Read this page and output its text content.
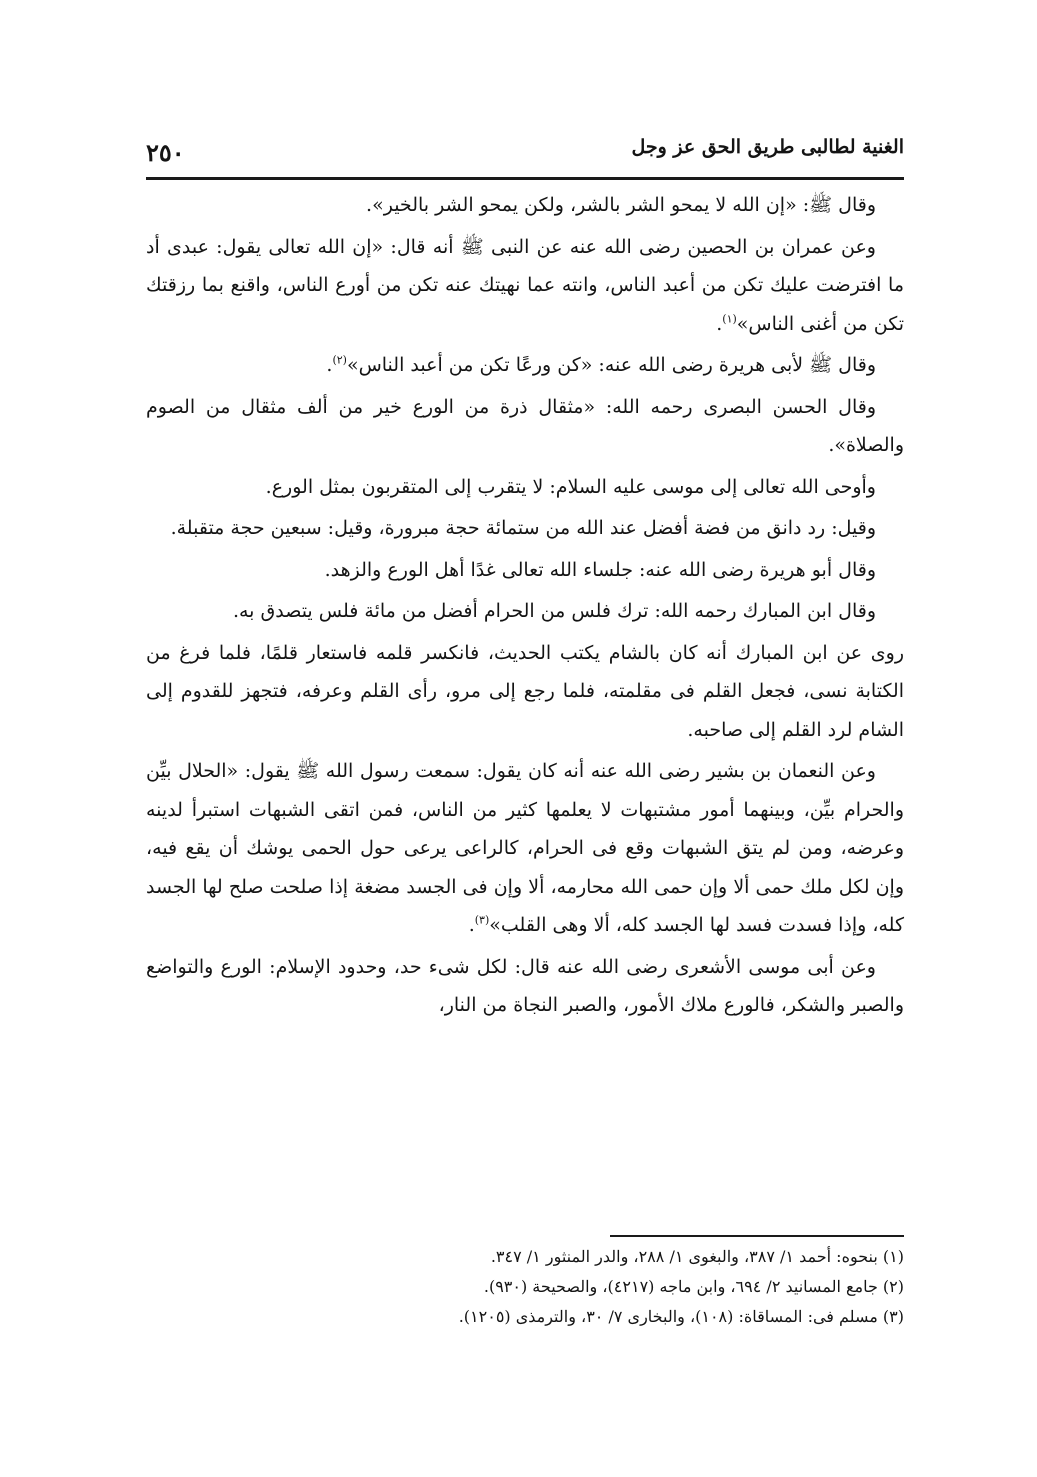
الغنية لطالبى طريق الحق عز وجل
٢٥٠

وقال ﷺ: «إن الله لا يمحو الشر بالشر، ولكن يمحو الشر بالخير».

وعن عمران بن الحصين رضى الله عنه عن النبى ﷺ أنه قال: «إن الله تعالى يقول: عبدى أد ما افترضت عليك تكن من أعبد الناس، وانته عما نهيتك عنه تكن من أورع الناس، واقنع بما رزقتك تكن من أغنى الناس»$^{(١)}$.

وقال ﷺ لأبى هريرة رضى الله عنه: «كن ورعًا تكن من أعبد الناس»$^{(٢)}$.

وقال الحسن البصرى رحمه الله: «مثقال ذرة من الورع خير من ألف مثقال من الصوم والصلاة».

وأوحى الله تعالى إلى موسى عليه السلام: لا يتقرب إلى المتقربون بمثل الورع.

وقيل: رد دانق من فضة أفضل عند الله من ستمائة حجة مبرورة، وقيل: سبعين حجة متقبلة.

وقال أبو هريرة رضى الله عنه: جلساء الله تعالى غدًا أهل الورع والزهد.

وقال ابن المبارك رحمه الله: ترك فلس من الحرام أفضل من مائة فلس يتصدق به.

روى عن ابن المبارك أنه كان بالشام يكتب الحديث، فانكسر قلمه فاستعار قلمًا، فلما فرغ من الكتابة نسى، فجعل القلم فى مقلمته، فلما رجع إلى مرو، رأى القلم وعرفه، فتجهز للقدوم إلى الشام لرد القلم إلى صاحبه.

وعن النعمان بن بشير رضى الله عنه أنه كان يقول: سمعت رسول الله ﷺ يقول: «الحلال بيِّن والحرام بيِّن، وبينهما أمور مشتبهات لا يعلمها كثير من الناس، فمن اتقى الشبهات استبرأ لدينه وعرضه، ومن لم يتق الشبهات وقع فى الحرام، كالراعى يرعى حول الحمى يوشك أن يقع فيه، وإن لكل ملك حمى ألا وإن حمى الله محارمه، ألا وإن فى الجسد مضغة إذا صلحت صلح لها الجسد كله، وإذا فسدت فسد لها الجسد كله، ألا وهى القلب»$^{(٣)}$.

وعن أبى موسى الأشعرى رضى الله عنه قال: لكل شىء حد، وحدود الإسلام: الورع والتواضع والصبر والشكر، فالورع ملاك الأمور، والصبر النجاة من النار،

(١) بنحوه: أحمد ١/ ٣٨٧، والبغوى ١/ ٢٨٨، والدر المنثور ١/ ٣٤٧.

(٢) جامع المسانيد ٢/ ٦٩٤، وابن ماجه (٤٢١٧)، والصحيحة (٩٣٠).

(٣) مسلم فى: المساقاة: (١٠٨)، والبخارى ٧/ ٣٠، والترمذى (١٢٠٥).
